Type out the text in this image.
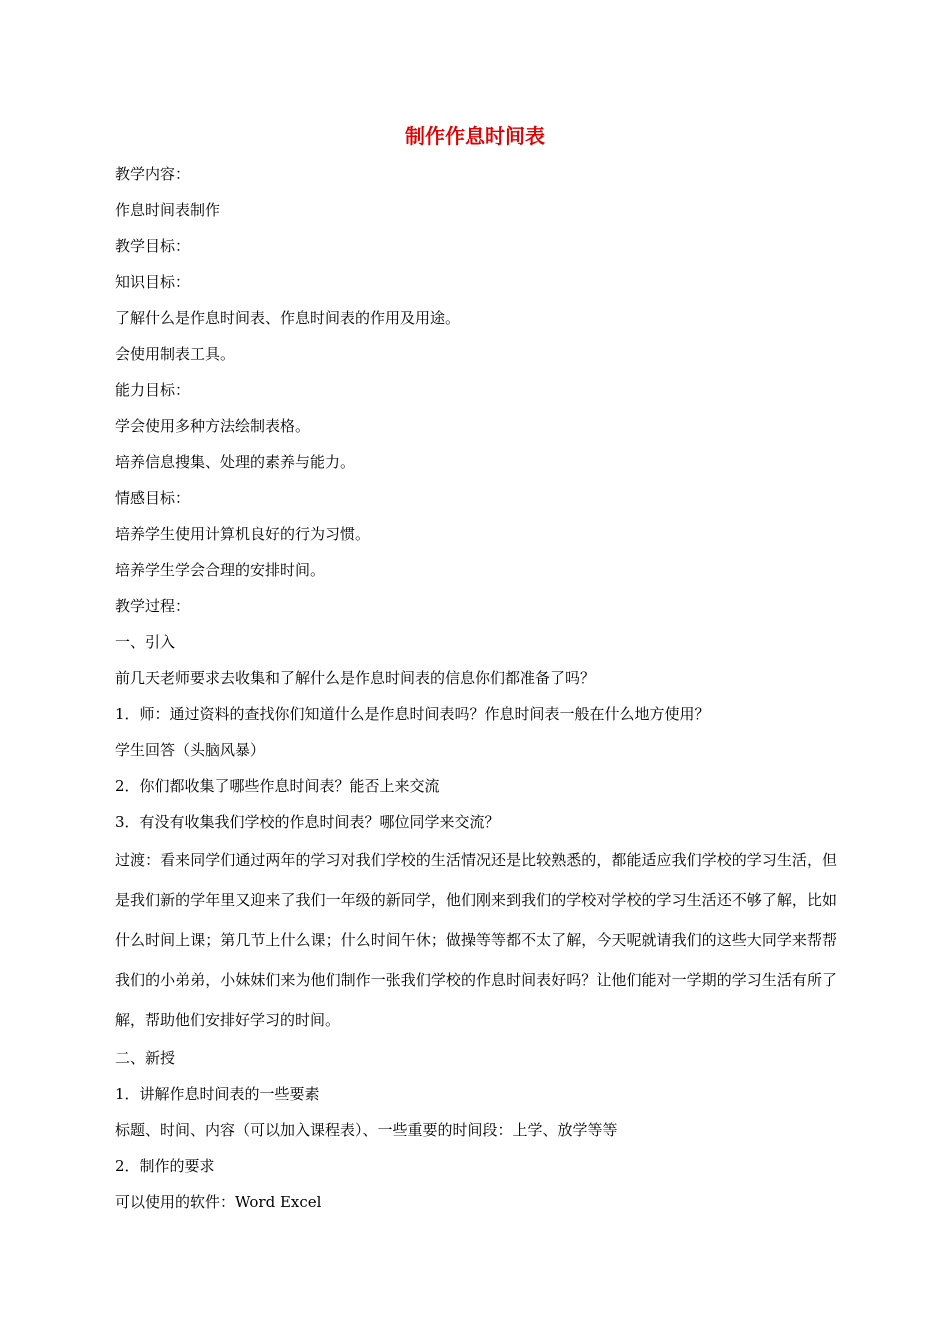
制作作息时间表
教学内容：
作息时间表制作
教学目标：
知识目标：
了解什么是作息时间表、作息时间表的作用及用途。
会使用制表工具。
能力目标：
学会使用多种方法绘制表格。
培养信息搜集、处理的素养与能力。
情感目标：
培养学生使用计算机良好的行为习惯。
培养学生学会合理的安排时间。
教学过程：
一、引入
前几天老师要求去收集和了解什么是作息时间表的信息你们都准备了吗？
1．师：通过资料的查找你们知道什么是作息时间表吗？作息时间表一般在什么地方使用？
学生回答（头脑风暴）
2．你们都收集了哪些作息时间表？能否上来交流
3．有没有收集我们学校的作息时间表？哪位同学来交流？

过渡：看来同学们通过两年的学习对我们学校的生活情况还是比较熟悉的，都能适应我们学校的学习生活，但是我们新的学年里又迎来了我们一年级的新同学，他们刚来到我们的学校对学校的学习生活还不够了解，比如什么时间上课；第几节上什么课；什么时间午休；做操等等都不太了解，今天呢就请我们的这些大同学来帮帮我们的小弟弟，小妹妹们来为他们制作一张我们学校的作息时间表好吗？让他们能对一学期的学习生活有所了解，帮助他们安排好学习的时间。

二、新授
1．讲解作息时间表的一些要素
标题、时间、内容（可以加入课程表）、一些重要的时间段：上学、放学等等
2．制作的要求
可以使用的软件：Word Excel
